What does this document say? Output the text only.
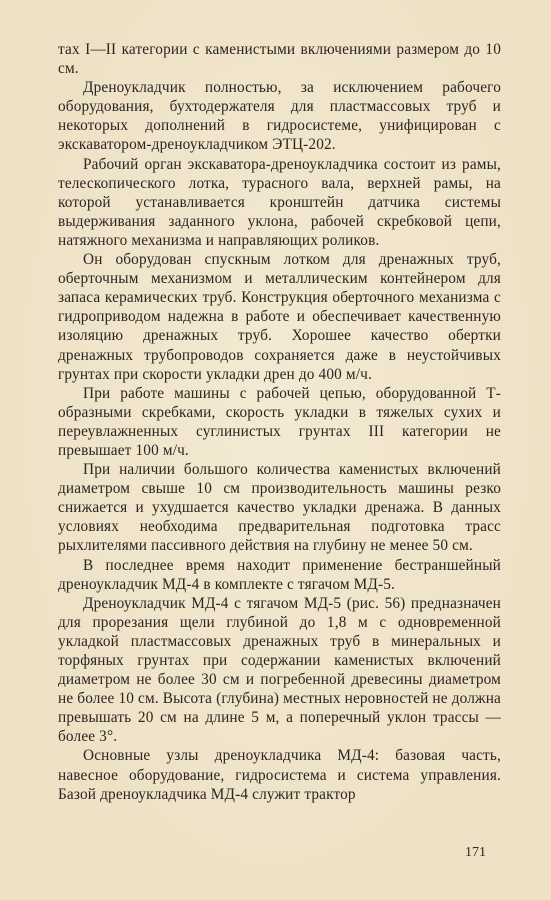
тах I—II категории с каменистыми включениями размером до 10 см.

Дреноукладчик полностью, за исключением рабочего оборудования, бухтодержателя для пластмассовых труб и некоторых дополнений в гидросистеме, унифицирован с экскаватором-дреноукладчиком ЭТЦ-202.

Рабочий орган экскаватора-дреноукладчика состоит из рамы, телескопического лотка, турасного вала, верхней рамы, на которой устанавливается кронштейн датчика системы выдерживания заданного уклона, рабочей скребковой цепи, натяжного механизма и направляющих роликов.

Он оборудован спускным лотком для дренажных труб, оберточным механизмом и металлическим контейнером для запаса керамических труб. Конструкция оберточного механизма с гидроприводом надежна в работе и обеспечивает качественную изоляцию дренажных труб. Хорошее качество обертки дренажных трубопроводов сохраняется даже в неустойчивых грунтах при скорости укладки дрен до 400 м/ч.

При работе машины с рабочей цепью, оборудованной Т-образными скребками, скорость укладки в тяжелых сухих и переувлажненных суглинистых грунтах III категории не превышает 100 м/ч.

При наличии большого количества каменистых включений диаметром свыше 10 см производительность машины резко снижается и ухудшается качество укладки дренажа. В данных условиях необходима предварительная подготовка трасс рыхлителями пассивного действия на глубину не менее 50 см.

В последнее время находит применение бестраншейный дреноукладчик МД-4 в комплекте с тягачом МД-5.

Дреноукладчик МД-4 с тягачом МД-5 (рис. 56) предназначен для прорезания щели глубиной до 1,8 м с одновременной укладкой пластмассовых дренажных труб в минеральных и торфяных грунтах при содержании каменистых включений диаметром не более 30 см и погребенной древесины диаметром не более 10 см. Высота (глубина) местных неровностей не должна превышать 20 см на длине 5 м, а поперечный уклон трассы — более 3°.

Основные узлы дреноукладчика МД-4: базовая часть, навесное оборудование, гидросистема и система управления. Базой дреноукладчика МД-4 служит трактор

171
